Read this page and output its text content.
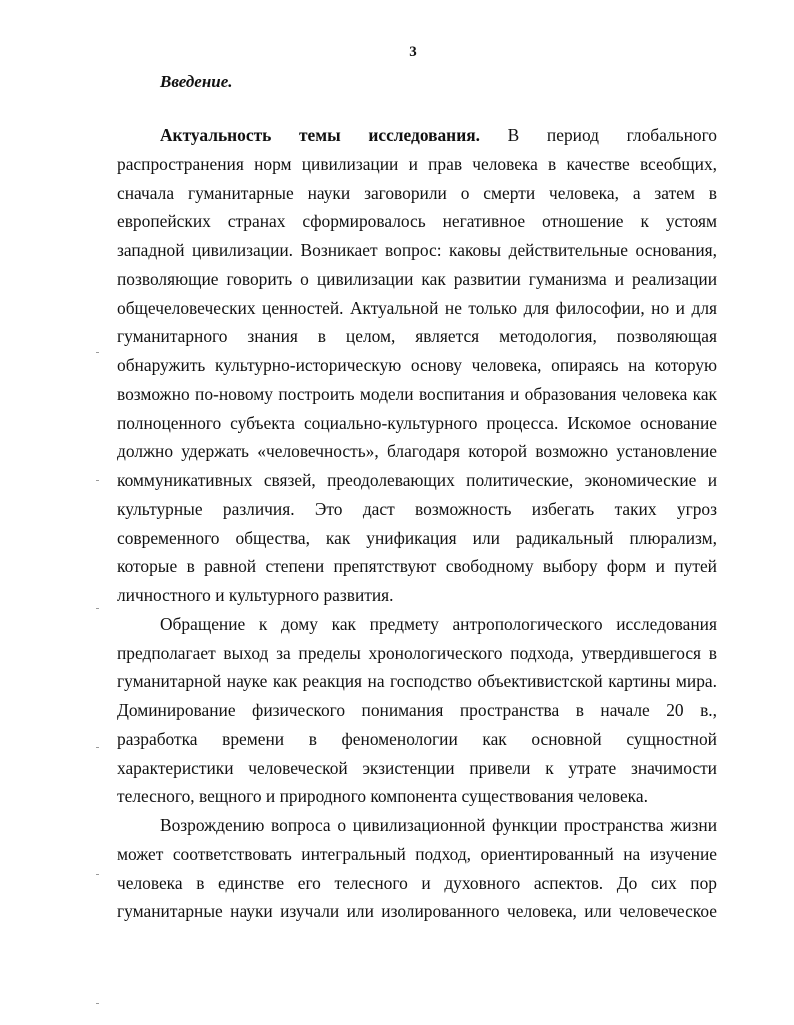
3
Введение.
Актуальность темы исследования. В период глобального
распространения норм цивилизации и прав человека в качестве всеобщих,
сначала гуманитарные науки заговорили о смерти человека, а затем в
европейских странах сформировалось негативное отношение к устоям
западной цивилизации. Возникает вопрос: каковы действительные основания,
позволяющие говорить о цивилизации как развитии гуманизма и реализации
общечеловеческих ценностей. Актуальной не только для философии, но и для
гуманитарного знания в целом, является методология, позволяющая
обнаружить культурно-историческую основу человека, опираясь на которую
возможно по-новому построить модели воспитания и образования человека как
полноценного субъекта социально-культурного процесса. Искомое основание
должно удержать «человечность», благодаря которой возможно установление
коммуникативных связей, преодолевающих политические, экономические и
культурные различия. Это даст возможность избегать таких угроз
современного общества, как унификация или радикальный плюрализм,
которые в равной степени препятствуют свободному выбору форм и путей
личностного и культурного развития.
Обращение к дому как предмету антропологического исследования
предполагает выход за пределы хронологического подхода, утвердившегося в
гуманитарной науке как реакция на господство объективистской картины мира.
Доминирование физического понимания пространства в начале 20 в.,
разработка времени в феноменологии как основной сущностной
характеристики человеческой экзистенции привели к утрате значимости
телесного, вещного и природного компонента существования человека.
Возрождению вопроса о цивилизационной функции пространства жизни
может соответствовать интегральный подход, ориентированный на изучение
человека в единстве его телесного и духовного аспектов. До сих пор
гуманитарные науки изучали или изолированного человека, или человеческое
